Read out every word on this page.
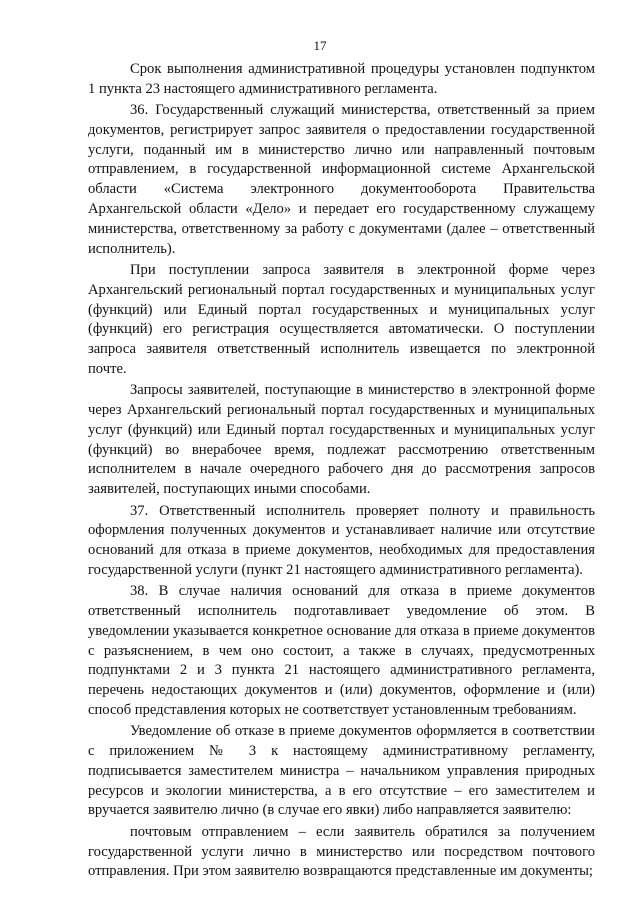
17

Срок выполнения административной процедуры установлен подпунктом 1 пункта 23 настоящего административного регламента.

36. Государственный служащий министерства, ответственный за прием документов, регистрирует запрос заявителя о предоставлении государственной услуги, поданный им в министерство лично или направленный почтовым отправлением, в государственной информационной системе Архангельской области «Система электронного документооборота Правительства Архангельской области «Дело» и передает его государственному служащему министерства, ответственному за работу с документами (далее – ответственный исполнитель).

При поступлении запроса заявителя в электронной форме через Архангельский региональный портал государственных и муниципальных услуг (функций) или Единый портал государственных и муниципальных услуг (функций) его регистрация осуществляется автоматически. О поступлении запроса заявителя ответственный исполнитель извещается по электронной почте.

Запросы заявителей, поступающие в министерство в электронной форме через Архангельский региональный портал государственных и муниципальных услуг (функций) или Единый портал государственных и муниципальных услуг (функций) во внерабочее время, подлежат рассмотрению ответственным исполнителем в начале очередного рабочего дня до рассмотрения запросов заявителей, поступающих иными способами.

37. Ответственный исполнитель проверяет полноту и правильность оформления полученных документов и устанавливает наличие или отсутствие оснований для отказа в приеме документов, необходимых для предоставления государственной услуги (пункт 21 настоящего административного регламента).

38. В случае наличия оснований для отказа в приеме документов ответственный исполнитель подготавливает уведомление об этом. В уведомлении указывается конкретное основание для отказа в приеме документов с разъяснением, в чем оно состоит, а также в случаях, предусмотренных подпунктами 2 и 3 пункта 21 настоящего административного регламента, перечень недостающих документов и (или) документов, оформление и (или) способ представления которых не соответствует установленным требованиям.

Уведомление об отказе в приеме документов оформляется в соответствии с приложением № 3 к настоящему административному регламенту, подписывается заместителем министра – начальником управления природных ресурсов и экологии министерства, а в его отсутствие – его заместителем и вручается заявителю лично (в случае его явки) либо направляется заявителю:

почтовым отправлением – если заявитель обратился за получением государственной услуги лично в министерство или посредством почтового отправления. При этом заявителю возвращаются представленные им документы;
